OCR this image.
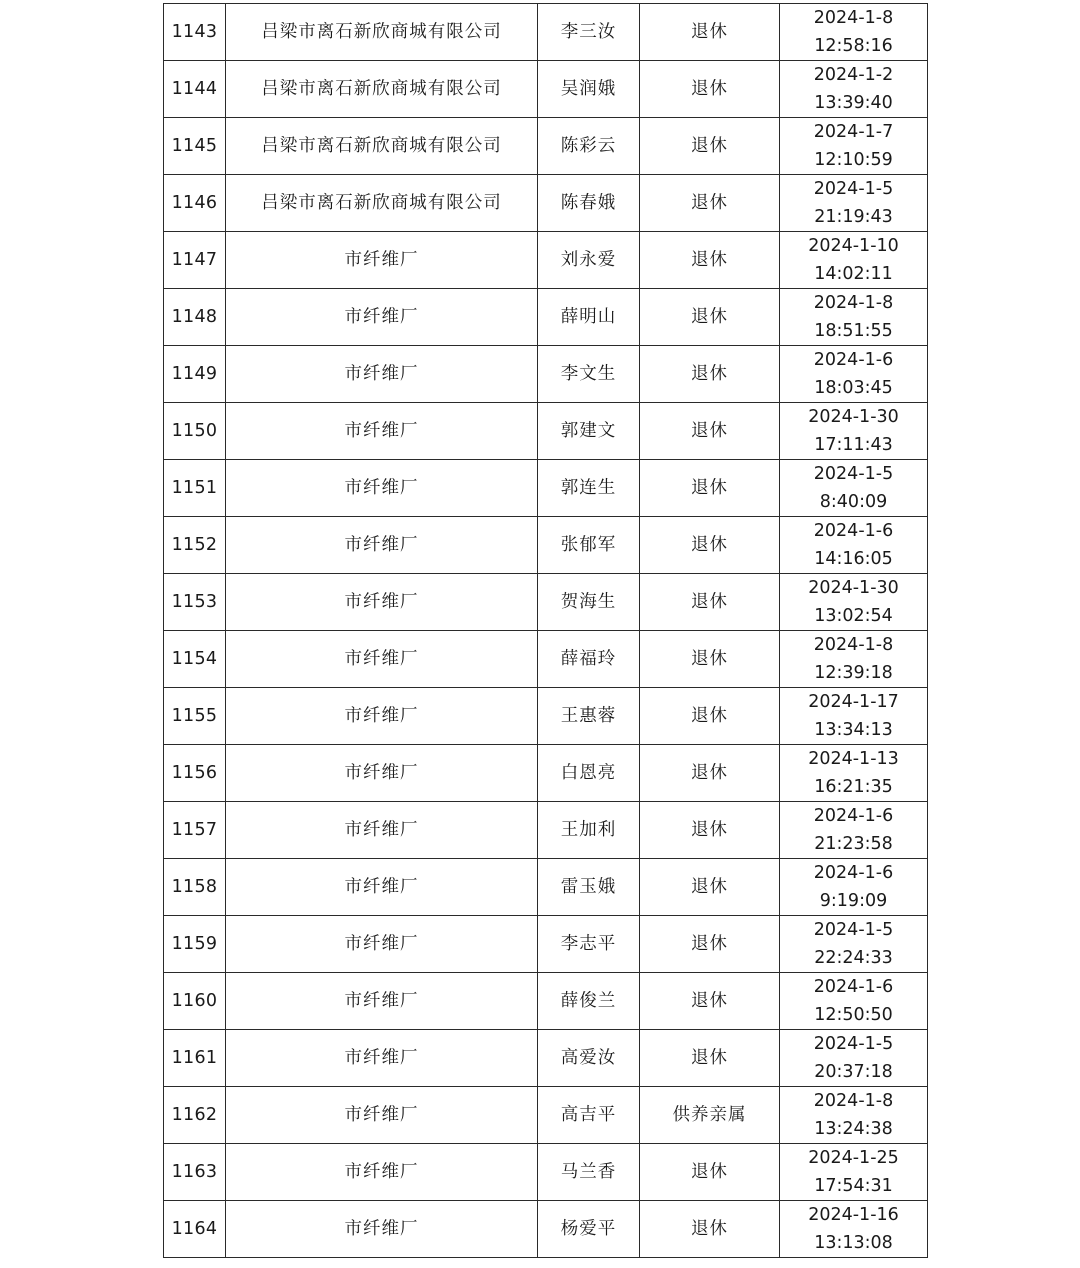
1143	吕梁市离石新欣商城有限公司	李三汝	退休	2024-1-8
12:58:16

1144	吕梁市离石新欣商城有限公司	吴润娥	退休	2024-1-2
13:39:40

1145	吕梁市离石新欣商城有限公司	陈彩云	退休	2024-1-7
12:10:59

1146	吕梁市离石新欣商城有限公司	陈春娥	退休	2024-1-5
21:19:43

1147	市纤维厂	刘永爱	退休	2024-1-10
14:02:11

1148	市纤维厂	薛明山	退休	2024-1-8
18:51:55

1149	市纤维厂	李文生	退休	2024-1-6
18:03:45

1150	市纤维厂	郭建文	退休	2024-1-30
17:11:43

1151	市纤维厂	郭连生	退休	2024-1-5
8:40:09

1152	市纤维厂	张郁军	退休	2024-1-6
14:16:05

1153	市纤维厂	贺海生	退休	2024-1-30
13:02:54

1154	市纤维厂	薛福玲	退休	2024-1-8
12:39:18

1155	市纤维厂	王惠蓉	退休	2024-1-17
13:34:13

1156	市纤维厂	白恩亮	退休	2024-1-13
16:21:35

1157	市纤维厂	王加利	退休	2024-1-6
21:23:58

1158	市纤维厂	雷玉娥	退休	2024-1-6
9:19:09

1159	市纤维厂	李志平	退休	2024-1-5
22:24:33

1160	市纤维厂	薛俊兰	退休	2024-1-6
12:50:50

1161	市纤维厂	高爱汝	退休	2024-1-5
20:37:18

1162	市纤维厂	高吉平	供养亲属	2024-1-8
13:24:38

1163	市纤维厂	马兰香	退休	2024-1-25
17:54:31

1164	市纤维厂	杨爱平	退休	2024-1-16
13:13:08
